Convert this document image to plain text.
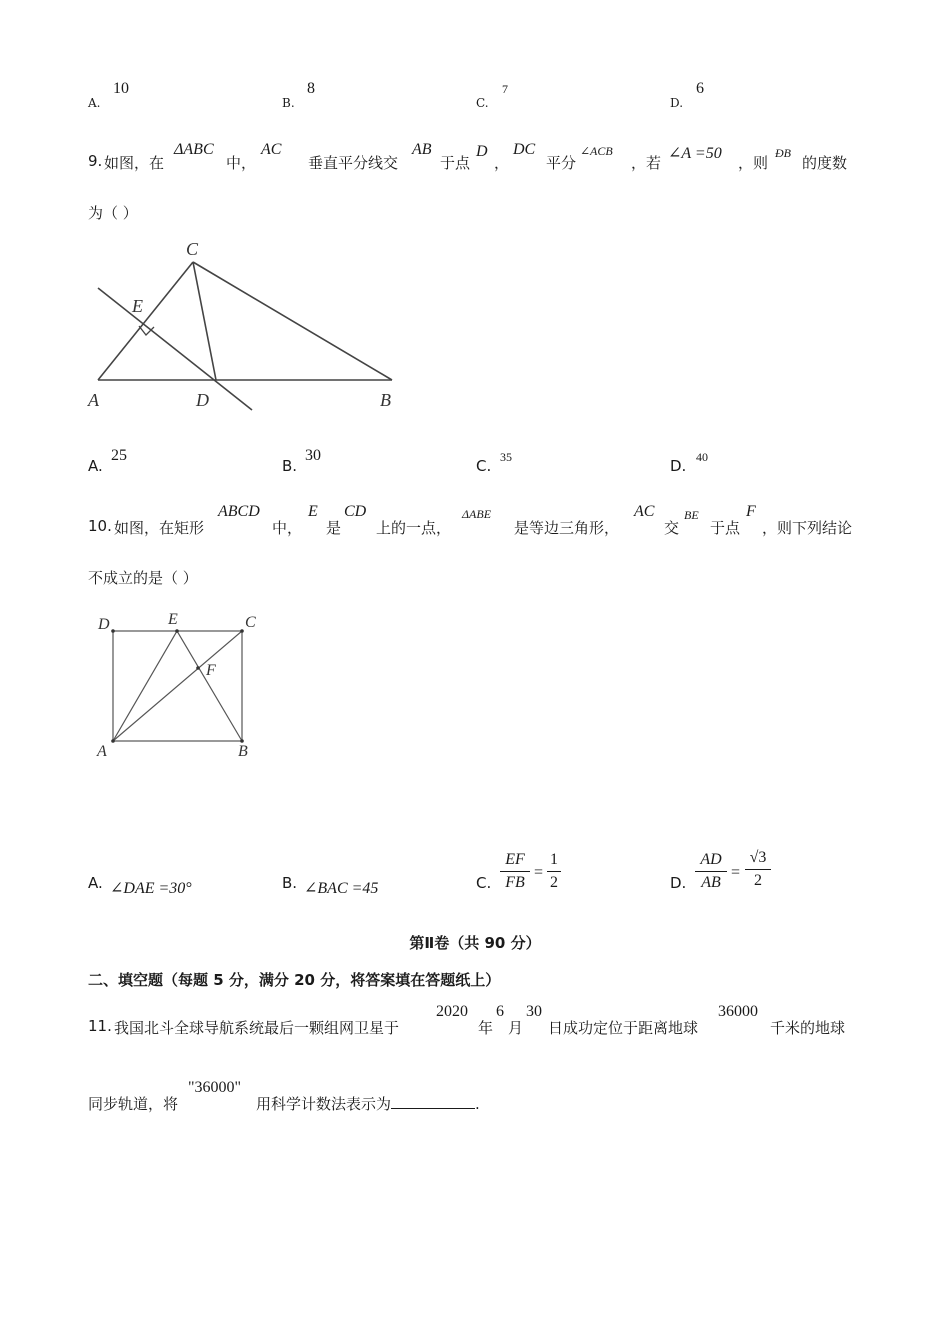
A.
10
B.
8
C.
7
D.
6
9. 如图，在
ΔABC
中，
AC
垂直平分线交
AB
于点
D
，
DC
平分
∠ACB
，若
∠A =50
，则
ÐB
的度数
为（ ）
C
E
A	D	B
A.
25
B.
30
C. 35	D. 40
10. 如图，在矩形
ABCD
中，
E
是
CD
上的一点，
ΔABE
是等边三角形，
AC
交
BE
于点
F
，则下列结论
不成立的是（ ）
D	E	C
F
A	B
A. ∠DAE =30°	B. ∠BAC =45	C.
EF
FB
=
1
2	D.
AD
AB
=
√3
2
第Ⅱ卷（共 90 分）
二、填空题（每题 5 分，满分 20 分，将答案填在答题纸上）
11. 我国北斗全球导航系统最后一颗组网卫星于
2020
年
6
月
30
日成功定位于距离地球
36000
千米的地球
同步轨道，将
"36000"
用科学计数法表示为	.
